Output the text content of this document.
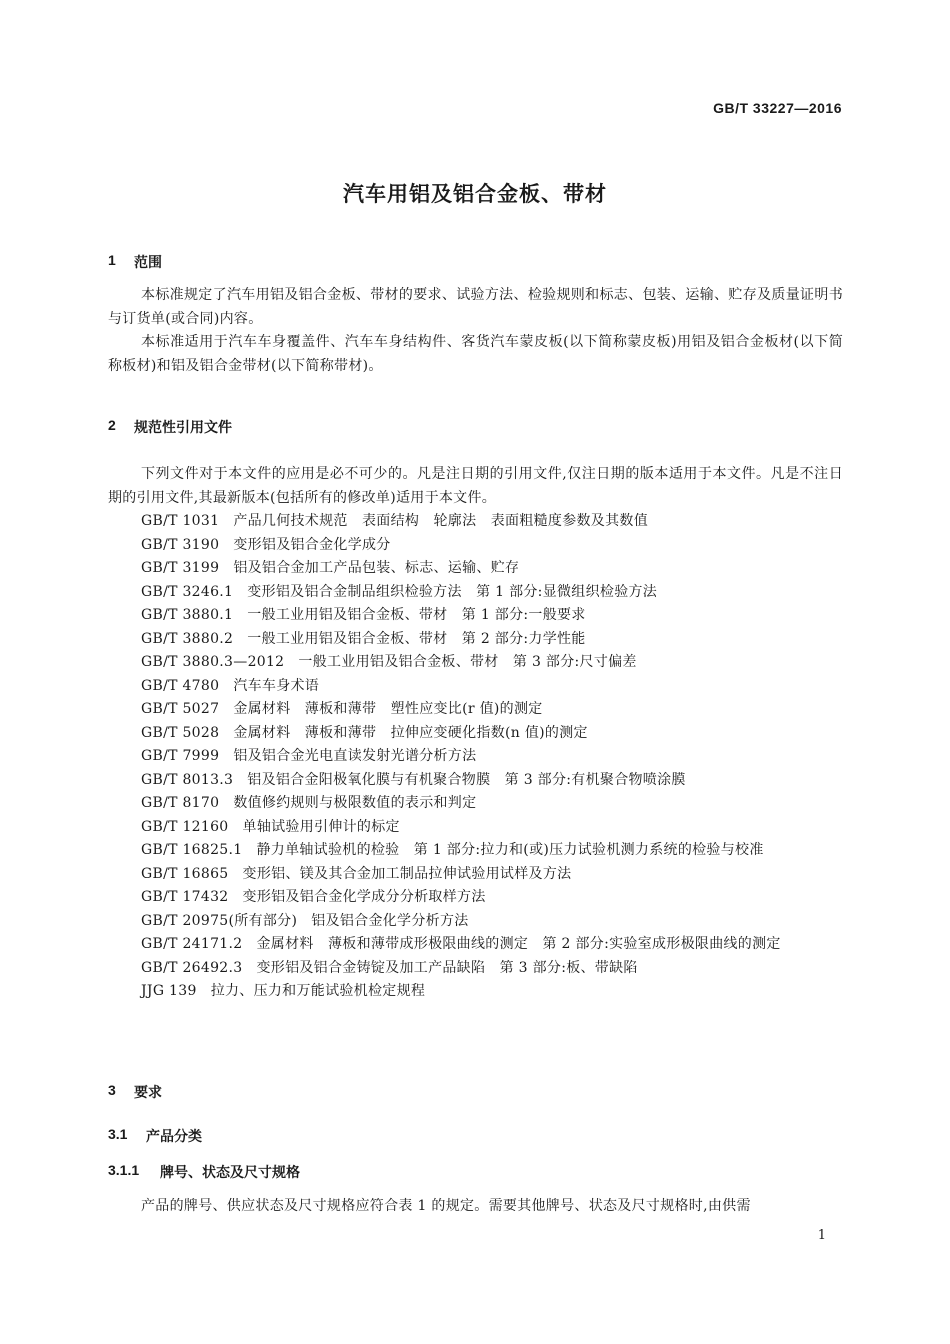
GB/T 33227—2016
汽车用铝及铝合金板、带材
1	范围

本标准规定了汽车用铝及铝合金板、带材的要求、试验方法、检验规则和标志、包装、运输、贮存及质量证明书与订货单(或合同)内容。

本标准适用于汽车车身覆盖件、汽车车身结构件、客货汽车蒙皮板(以下简称蒙皮板)用铝及铝合金板材(以下简称板材)和铝及铝合金带材(以下简称带材)。

2	规范性引用文件

下列文件对于本文件的应用是必不可少的。凡是注日期的引用文件,仅注日期的版本适用于本文件。凡是不注日期的引用文件,其最新版本(包括所有的修改单)适用于本文件。

GB/T 1031 产品几何技术规范　表面结构　轮廓法　表面粗糙度参数及其数值
GB/T 3190 变形铝及铝合金化学成分
GB/T 3199 铝及铝合金加工产品包装、标志、运输、贮存
GB/T 3246.1 变形铝及铝合金制品组织检验方法　第 1 部分:显微组织检验方法
GB/T 3880.1 一般工业用铝及铝合金板、带材　第 1 部分:一般要求
GB/T 3880.2 一般工业用铝及铝合金板、带材　第 2 部分:力学性能
GB/T 3880.3—2012 一般工业用铝及铝合金板、带材　第 3 部分:尺寸偏差
GB/T 4780 汽车车身术语
GB/T 5027 金属材料　薄板和薄带　塑性应变比(r 值)的测定
GB/T 5028 金属材料　薄板和薄带　拉伸应变硬化指数(n 值)的测定
GB/T 7999 铝及铝合金光电直读发射光谱分析方法
GB/T 8013.3 铝及铝合金阳极氧化膜与有机聚合物膜　第 3 部分:有机聚合物喷涂膜
GB/T 8170 数值修约规则与极限数值的表示和判定
GB/T 12160 单轴试验用引伸计的标定
GB/T 16825.1 静力单轴试验机的检验　第 1 部分:拉力和(或)压力试验机测力系统的检验与校准
GB/T 16865 变形铝、镁及其合金加工制品拉伸试验用试样及方法
GB/T 17432 变形铝及铝合金化学成分分析取样方法
GB/T 20975(所有部分) 铝及铝合金化学分析方法
GB/T 24171.2 金属材料　薄板和薄带成形极限曲线的测定　第 2 部分:实验室成形极限曲线的测定
GB/T 26492.3 变形铝及铝合金铸锭及加工产品缺陷　第 3 部分:板、带缺陷
JJG 139 拉力、压力和万能试验机检定规程
3	要求
3.1	产品分类
3.1.1	牌号、状态及尺寸规格

产品的牌号、供应状态及尺寸规格应符合表 1 的规定。需要其他牌号、状态及尺寸规格时,由供需

1
